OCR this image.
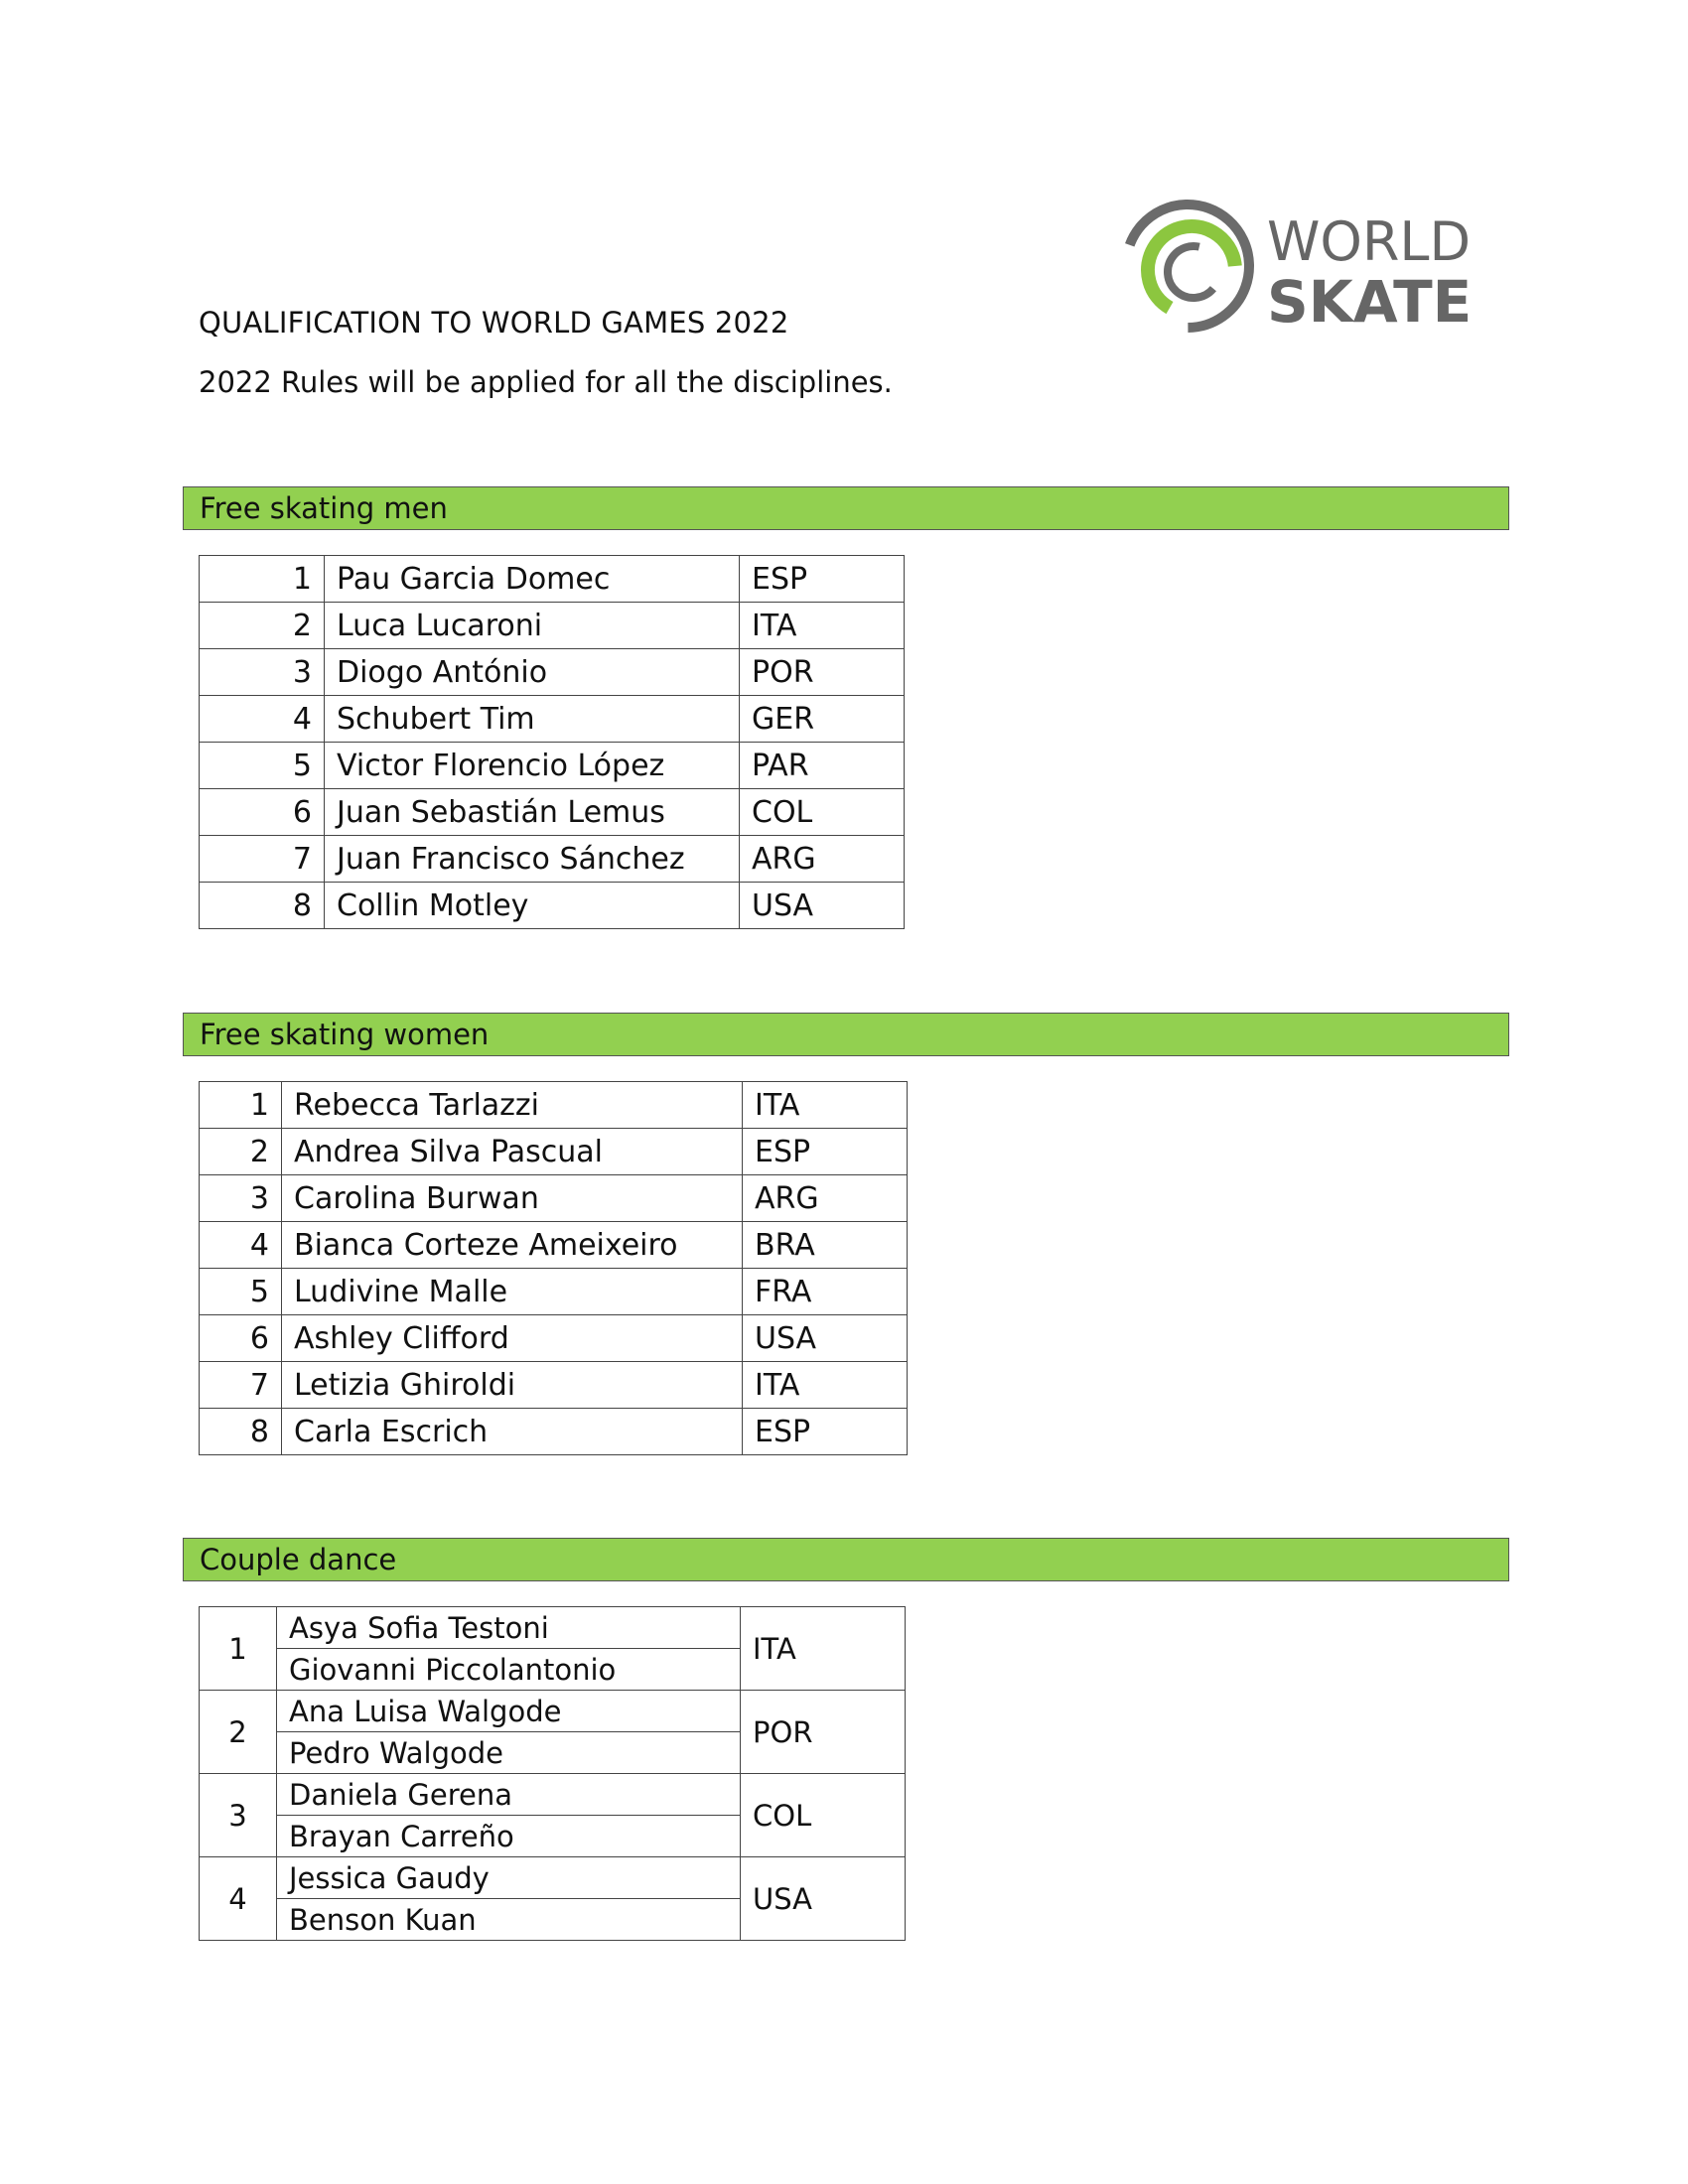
WORLD
SKATE
QUALIFICATION TO WORLD GAMES 2022
2022 Rules will be applied for all the disciplines.
Free skating men
1	Pau Garcia Domec	ESP
2	Luca Lucaroni	ITA
3	Diogo António	POR
4	Schubert Tim	GER
5	Victor Florencio López	PAR
6	Juan Sebastián Lemus	COL
7	Juan Francisco Sánchez	ARG
8	Collin Motley	USA
Free skating women
1	Rebecca Tarlazzi	ITA
2	Andrea Silva Pascual	ESP
3	Carolina Burwan	ARG
4	Bianca Corteze Ameixeiro	BRA
5	Ludivine Malle	FRA
6	Ashley Clifford	USA
7	Letizia Ghiroldi	ITA
8	Carla Escrich	ESP
Couple dance
1	Asya Sofia Testoni	ITA
	Giovanni Piccolantonio	
2	Ana Luisa Walgode	POR
	Pedro Walgode	
3	Daniela Gerena	COL
	Brayan Carreño	
4	Jessica Gaudy	USA
	Benson Kuan	
